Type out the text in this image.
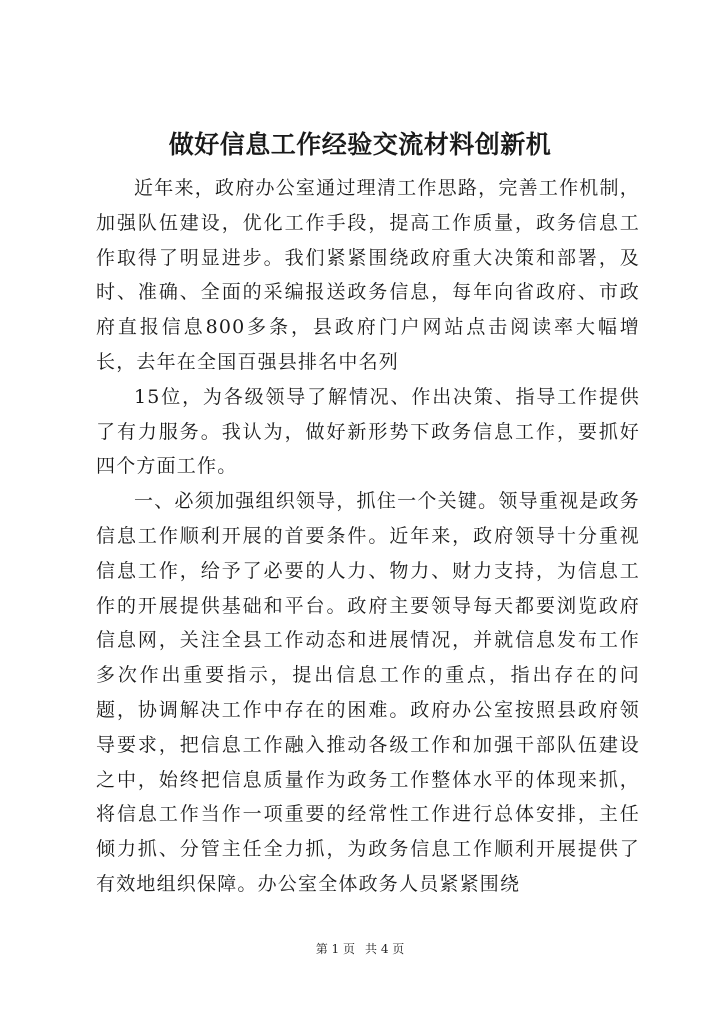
做好信息工作经验交流材料创新机

近年来，政府办公室通过理清工作思路，完善工作机制，加强队伍建设，优化工作手段，提高工作质量，政务信息工作取得了明显进步。我们紧紧围绕政府重大决策和部署，及时、准确、全面的采编报送政务信息，每年向省政府、市政府直报信息800多条，县政府门户网站点击阅读率大幅增长，去年在全国百强县排名中名列

15位，为各级领导了解情况、作出决策、指导工作提供了有力服务。我认为，做好新形势下政务信息工作，要抓好四个方面工作。

一、必须加强组织领导，抓住一个关键。领导重视是政务信息工作顺利开展的首要条件。近年来，政府领导十分重视信息工作，给予了必要的人力、物力、财力支持，为信息工作的开展提供基础和平台。政府主要领导每天都要浏览政府信息网，关注全县工作动态和进展情况，并就信息发布工作多次作出重要指示，提出信息工作的重点，指出存在的问题，协调解决工作中存在的困难。政府办公室按照县政府领导要求，把信息工作融入推动各级工作和加强干部队伍建设之中，始终把信息质量作为政务工作整体水平的体现来抓，将信息工作当作一项重要的经常性工作进行总体安排，主任倾力抓、分管主任全力抓，为政务信息工作顺利开展提供了有效地组织保障。办公室全体政务人员紧紧围绕

第 1 页 共 4 页
